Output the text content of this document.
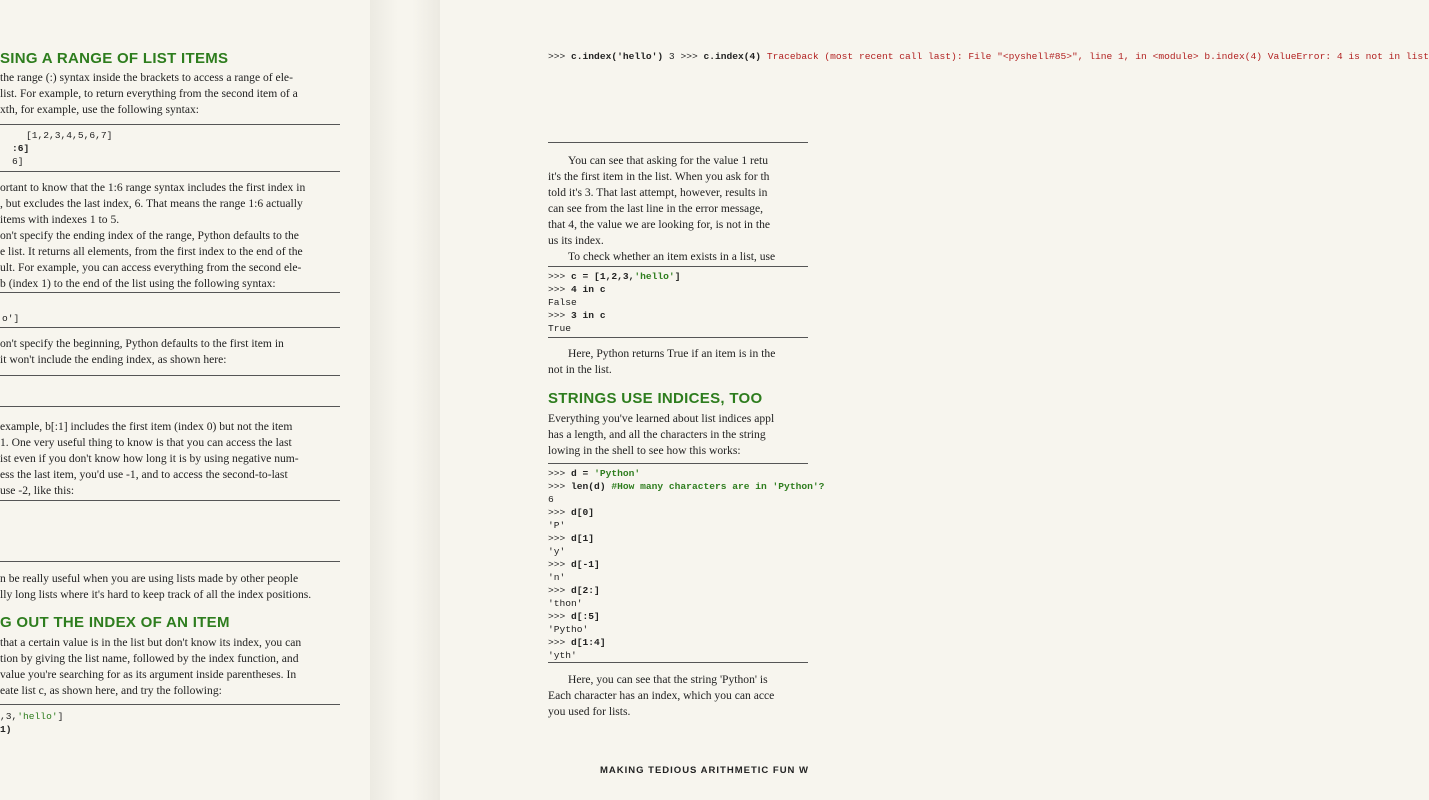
SING A RANGE OF LIST ITEMS
the range (:) syntax inside the brackets to access a range of ele-
list. For example, to return everything from the second item of a
xth, for example, use the following syntax:
[1,2,3,4,5,6,7]
:6]
6]
ortant to know that the 1:6 range syntax includes the first index in
, but excludes the last index, 6. That means the range 1:6 actually
items with indexes 1 to 5.
on't specify the ending index of the range, Python defaults to the
e list. It returns all elements, from the first index to the end of the
ult. For example, you can access everything from the second ele-
b (index 1) to the end of the list using the following syntax:
o']
on't specify the beginning, Python defaults to the first item in
it won't include the ending index, as shown here:
example, b[:1] includes the first item (index 0) but not the item
1. One very useful thing to know is that you can access the last
ist even if you don't know how long it is by using negative num-
ess the last item, you'd use -1, and to access the second-to-last
use -2, like this:
n be really useful when you are using lists made by other people
lly long lists where it's hard to keep track of all the index positions.
G OUT THE INDEX OF AN ITEM
that a certain value is in the list but don't know its index, you can
tion by giving the list name, followed by the index function, and
value you're searching for as its argument inside parentheses. In
eate list c, as shown here, and try the following:
,3,'hello']
1)
>>> c.index('hello') 3 >>> c.index(4) Traceback (most recent call last): File "<pyshell#85>", line 1, in <module> b.index(4) ValueError: 4 is not in list
You can see that asking for the value 1 retu
it's the first item in the list. When you ask for th
told it's 3. That last attempt, however, results in
can see from the last line in the error message,
that 4, the value we are looking for, is not in the
us its index.
To check whether an item exists in a list, use
>>> c = [1,2,3,'hello']
>>> 4 in c
False
>>> 3 in c
True
Here, Python returns True if an item is in the
not in the list.
STRINGS USE INDICES, TOO
Everything you've learned about list indices appl
has a length, and all the characters in the string
lowing in the shell to see how this works:
>>> d = 'Python'
>>> len(d) #How many characters are in 'Python'?
6
>>> d[0]
'P'
>>> d[1]
'y'
>>> d[-1]
'n'
>>> d[2:]
'thon'
>>> d[:5]
'Pytho'
>>> d[1:4]
'yth'
Here, you can see that the string 'Python' is
Each character has an index, which you can acce
you used for lists.
MAKING TEDIOUS ARITHMETIC FUN W
